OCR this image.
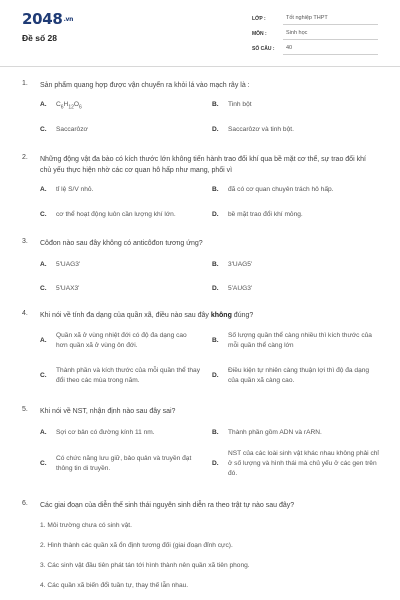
2048.vn
Đề số 28
LỚP :	Tốt nghiệp THPT
MÔN :	Sinh học
SỐ CÂU :	40
1. Sản phẩm quang hợp được vận chuyển ra khỏi lá vào mạch rây là :
A. $C_6H_{12}O_6$	B. Tinh bột
C. Saccarôzơ	D. Saccarôzơ và tinh bột.
2. Những động vật đa bào có kích thước lớn không tiến hành trao đổi khí qua bề mặt cơ thể, sự trao đổi khí chủ yếu thực hiện nhờ các cơ quan hô hấp như mang, phổi vì
A. tỉ lệ S/V nhỏ.	B. đã có cơ quan chuyên trách hô hấp.
C. cơ thể hoạt động luôn cần lượng khí lớn.	D. bề mặt trao đổi khí mỏng.
3. Côđon nào sau đây không có anticôđon tương ứng?
A. 5'UAG3'	B. 3'UAG5'
C. 5'UAX3'	D. 5'AUG3'
4. Khi nói về tính đa dạng của quần xã, điều nào sau đây không đúng?
A.
Quần xã ở vùng nhiệt đới có độ đa dạng cao hơn quần xã ở vùng ôn đới.
B.
Số lượng quần thể càng nhiều thì kích thước của mỗi quần thể càng lớn
C.
Thành phần và kích thước của mỗi quần thể thay đổi theo các mùa trong năm.
D.
Điều kiện tự nhiên càng thuận lợi thì độ đa dạng của quần xã càng cao.
5. Khi nói về NST, nhận định nào sau đây sai?
A. Sợi cơ bản có đường kính 11 nm.	B. Thành phần gồm ADN và rARN.
C.
Có chức năng lưu giữ, bảo quản và truyền đạt thông tin di truyền.
D.
NST của các loài sinh vật khác nhau không phải chỉ ở số lượng và hình thái mà chủ yếu ở các gen trên đó.
6. Các giai đoạn của diễn thế sinh thái nguyên sinh diễn ra theo trật tự nào sau đây?
1. Môi trường chưa có sinh vật.
2. Hình thành các quần xã ổn định tương đối (giai đoạn đỉnh cực).
3. Các sinh vật đầu tiên phát tán tới hình thành nên quần xã tiên phong.
4. Các quần xã biến đổi tuần tự, thay thế lẫn nhau.
